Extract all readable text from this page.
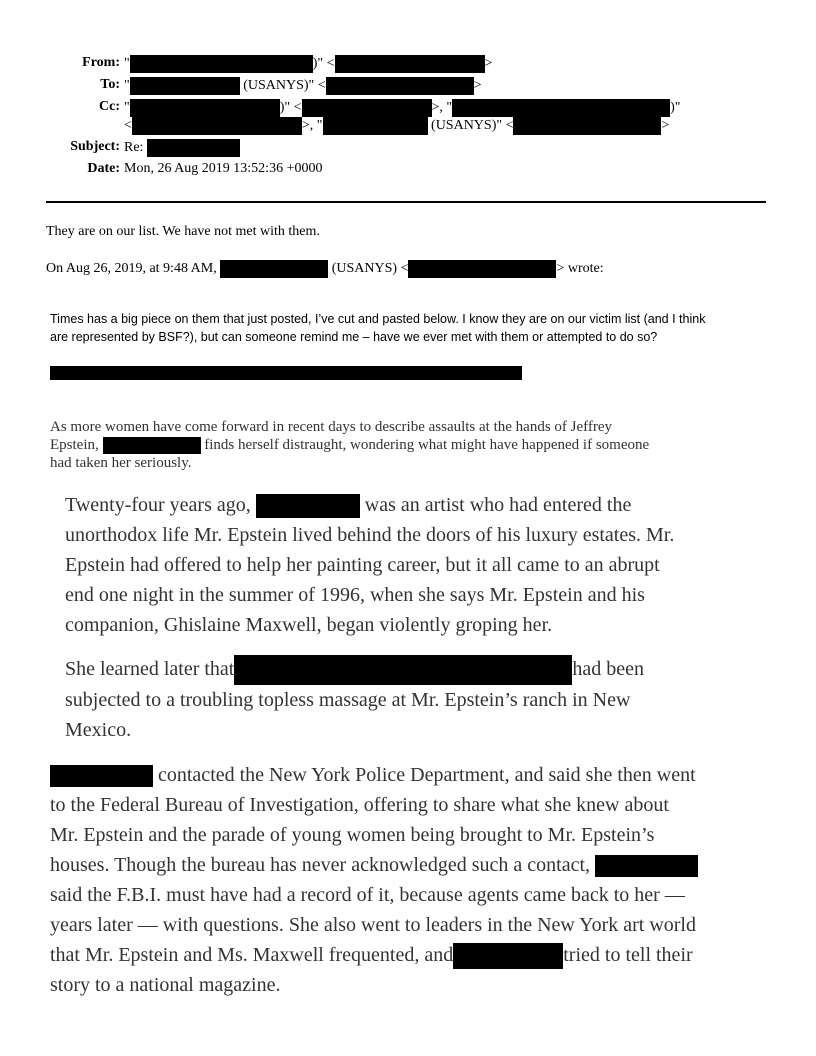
From: "	)" <	>
To: "	(USANYS)" <	>
Cc: "	)" <	>, "	)"
<	>, "	(USANYS)" <	>
Subject: Re:
Date: Mon, 26 Aug 2019 13:52:36 +0000
They are on our list. We have not met with them.
On Aug 26, 2019, at 9:48 AM,	(USANYS) <	> wrote:
Times has a big piece on them that just posted, I’ve cut and pasted below. I know they are on our victim list (and I think
are represented by BSF?), but can someone remind me – have we ever met with them or attempted to do so?
As more women have come forward in recent days to describe assaults at the hands of Jeffrey
Epstein,	finds herself distraught, wondering what might have happened if someone
had taken her seriously.
Twenty-four years ago,	was an artist who had entered the
unorthodox life Mr. Epstein lived behind the doors of his luxury estates. Mr.
Epstein had offered to help her painting career, but it all came to an abrupt
end one night in the summer of 1996, when she says Mr. Epstein and his
companion, Ghislaine Maxwell, began violently groping her.
She learned later that	had been
subjected to a troubling topless massage at Mr. Epstein’s ranch in New
Mexico.
contacted the New York Police Department, and said she then went
to the Federal Bureau of Investigation, offering to share what she knew about
Mr. Epstein and the parade of young women being brought to Mr. Epstein’s
houses. Though the bureau has never acknowledged such a contact,
said the F.B.I. must have had a record of it, because agents came back to her —
years later — with questions. She also went to leaders in the New York art world
that Mr. Epstein and Ms. Maxwell frequented, and	tried to tell their
story to a national magazine.
